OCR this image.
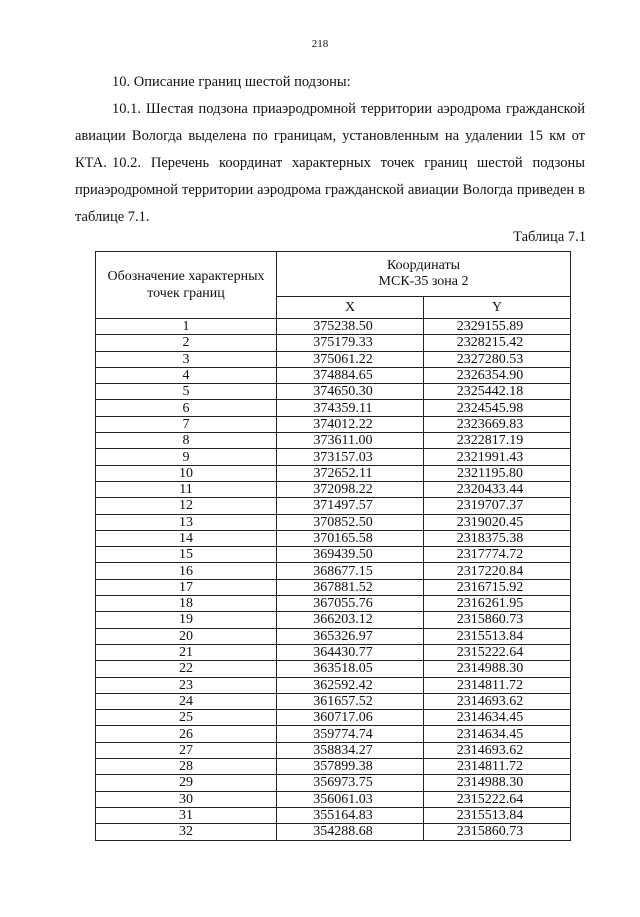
218
10. Описание границ шестой подзоны:

10.1. Шестая подзона приаэродромной территории аэродрома гражданской авиации Вологда выделена по границам, установленным на удалении 15 км от КТА. 10.2. Перечень координат характерных точек границ шестой подзоны приаэродромной территории аэродрома гражданской авиации Вологда приведен в таблице 7.1.

Таблица 7.1
Обозначение характерных точек границ	Координаты
МСК-35 зона 2	
	X	Y
1	375238.50	2329155.89
2	375179.33	2328215.42
3	375061.22	2327280.53
4	374884.65	2326354.90
5	374650.30	2325442.18
6	374359.11	2324545.98
7	374012.22	2323669.83
8	373611.00	2322817.19
9	373157.03	2321991.43
10	372652.11	2321195.80
11	372098.22	2320433.44
12	371497.57	2319707.37
13	370852.50	2319020.45
14	370165.58	2318375.38
15	369439.50	2317774.72
16	368677.15	2317220.84
17	367881.52	2316715.92
18	367055.76	2316261.95
19	366203.12	2315860.73
20	365326.97	2315513.84
21	364430.77	2315222.64
22	363518.05	2314988.30
23	362592.42	2314811.72
24	361657.52	2314693.62
25	360717.06	2314634.45
26	359774.74	2314634.45
27	358834.27	2314693.62
28	357899.38	2314811.72
29	356973.75	2314988.30
30	356061.03	2315222.64
31	355164.83	2315513.84
32	354288.68	2315860.73
